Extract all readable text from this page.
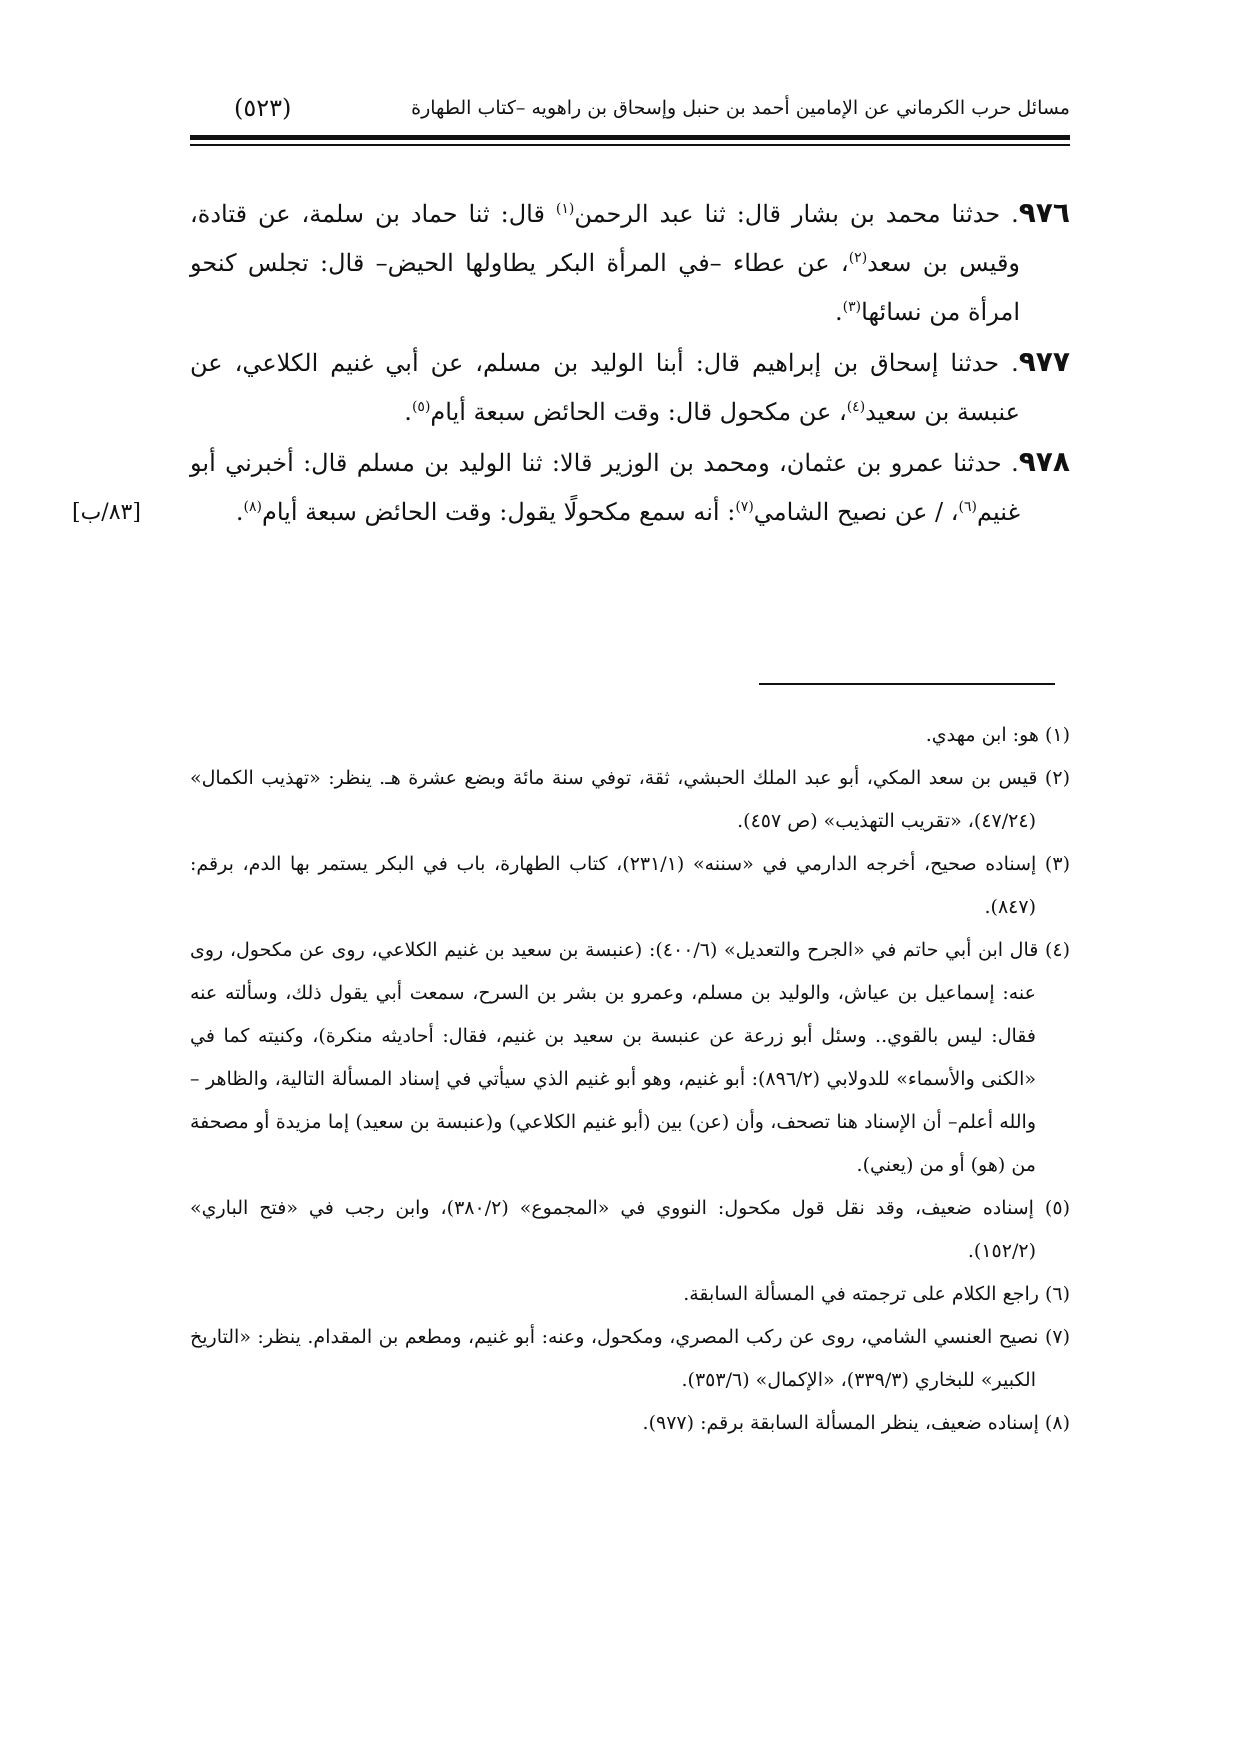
مسائل حرب الكرماني عن الإمامين أحمد بن حنبل وإسحاق بن راهويه –كتاب الطهارة
(٥٢٣)
[٨٣/ب]

٩٧٦. حدثنا محمد بن بشار قال: ثنا عبد الرحمن$^{(١)}$ قال: ثنا حماد بن سلمة، عن قتادة، وقيس بن سعد$^{(٢)}$، عن عطاء –في المرأة البكر يطاولها الحيض– قال: تجلس كنحو امرأة من نسائها$^{(٣)}$.

٩٧٧. حدثنا إسحاق بن إبراهيم قال: أبنا الوليد بن مسلم، عن أبي غنيم الكلاعي، عن عنبسة بن سعيد$^{(٤)}$، عن مكحول قال: وقت الحائض سبعة أيام$^{(٥)}$.

٩٧٨. حدثنا عمرو بن عثمان، ومحمد بن الوزير قالا: ثنا الوليد بن مسلم قال: أخبرني أبو غنيم$^{(٦)}$، / عن نصيح الشامي$^{(٧)}$: أنه سمع مكحولًا يقول: وقت الحائض سبعة أيام$^{(٨)}$.

(١) هو: ابن مهدي.

(٢) قيس بن سعد المكي، أبو عبد الملك الحبشي، ثقة، توفي سنة مائة وبضع عشرة هـ. ينظر: «تهذيب الكمال» (٤٧/٢٤)، «تقريب التهذيب» (ص ٤٥٧).

(٣) إسناده صحيح، أخرجه الدارمي في «سننه» (٢٣١/١)، كتاب الطهارة، باب في البكر يستمر بها الدم، برقم: (٨٤٧).

(٤) قال ابن أبي حاتم في «الجرح والتعديل» (٤٠٠/٦): (عنبسة بن سعيد بن غنيم الكلاعي، روى عن مكحول، روى عنه: إسماعيل بن عياش، والوليد بن مسلم، وعمرو بن بشر بن السرح، سمعت أبي يقول ذلك، وسألته عنه فقال: ليس بالقوي.. وسئل أبو زرعة عن عنبسة بن سعيد بن غنيم، فقال: أحاديثه منكرة)، وكنيته كما في «الكنى والأسماء» للدولابي (٨٩٦/٢): أبو غنيم، وهو أبو غنيم الذي سيأتي في إسناد المسألة التالية، والظاهر –والله أعلم– أن الإسناد هنا تصحف، وأن (عن) بين (أبو غنيم الكلاعي) و(عنبسة بن سعيد) إما مزيدة أو مصحفة من (هو) أو من (يعني).

(٥) إسناده ضعيف، وقد نقل قول مكحول: النووي في «المجموع» (٣٨٠/٢)، وابن رجب في «فتح الباري» (١٥٢/٢).

(٦) راجع الكلام على ترجمته في المسألة السابقة.

(٧) نصيح العنسي الشامي، روى عن ركب المصري، ومكحول، وعنه: أبو غنيم، ومطعم بن المقدام. ينظر: «التاريخ الكبير» للبخاري (٣٣٩/٣)، «الإكمال» (٣٥٣/٦).

(٨) إسناده ضعيف، ينظر المسألة السابقة برقم: (٩٧٧).
